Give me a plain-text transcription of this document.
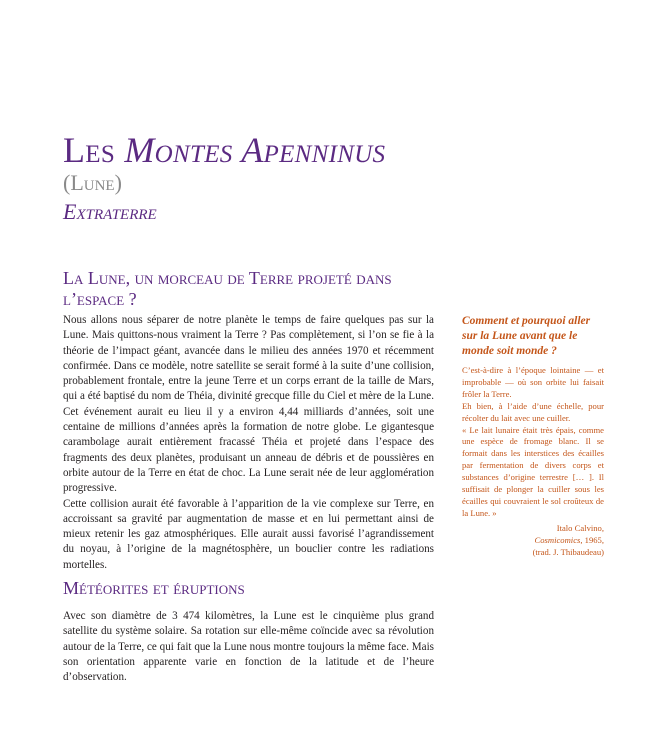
Les Montes Apenninus
(Lune)
Extraterre
La Lune, un morceau de Terre projeté dans l’espace ?

Nous allons nous séparer de notre planète le temps de faire quelques pas sur la Lune. Mais quittons-nous vraiment la Terre ? Pas complètement, si l’on se fie à la théorie de l’impact géant, avancée dans le milieu des années 1970 et récemment confirmée. Dans ce modèle, notre satellite se serait formé à la suite d’une collision, probablement frontale, entre la jeune Terre et un corps errant de la taille de Mars, qui a été baptisé du nom de Théia, divinité grecque fille du Ciel et mère de la Lune. Cet événement aurait eu lieu il y a environ 4,44 milliards d’années, soit une centaine de millions d’années après la formation de notre globe. Le gigantesque carambolage aurait entièrement fracassé Théia et projeté dans l’espace des fragments des deux planètes, produisant un anneau de débris et de poussières en orbite autour de la Terre en état de choc. La Lune serait née de leur agglomération progressive.

Cette collision aurait été favorable à l’apparition de la vie complexe sur Terre, en accroissant sa gravité par augmentation de masse et en lui permettant ainsi de mieux retenir les gaz atmosphériques. Elle aurait aussi favorisé l’agrandissement du noyau, à l’origine de la magnétosphère, un bouclier contre les radiations mortelles.

Météorites et éruptions

Avec son diamètre de 3 474 kilomètres, la Lune est le cinquième plus grand satellite du système solaire. Sa rotation sur elle-même coïncide avec sa révolution autour de la Terre, ce qui fait que la Lune nous montre toujours la même face. Mais son orientation apparente varie en fonction de la latitude et de l’heure d’observation.

Comment et pourquoi aller sur la Lune avant que le monde soit monde ?

C’est-à-dire à l’époque lointaine — et improbable — où son orbite lui faisait frôler la Terre.

Eh bien, à l’aide d’une échelle, pour récolter du lait avec une cuiller.

« Le lait lunaire était très épais, comme une espèce de fromage blanc. Il se formait dans les interstices des écailles par fermentation de divers corps et substances d’origine terrestre [… ]. Il suffisait de plonger la cuiller sous les écailles qui couvraient le sol croûteux de la Lune. »

Italo Calvino,
Cosmicomics, 1965,
(trad. J. Thibaudeau)
